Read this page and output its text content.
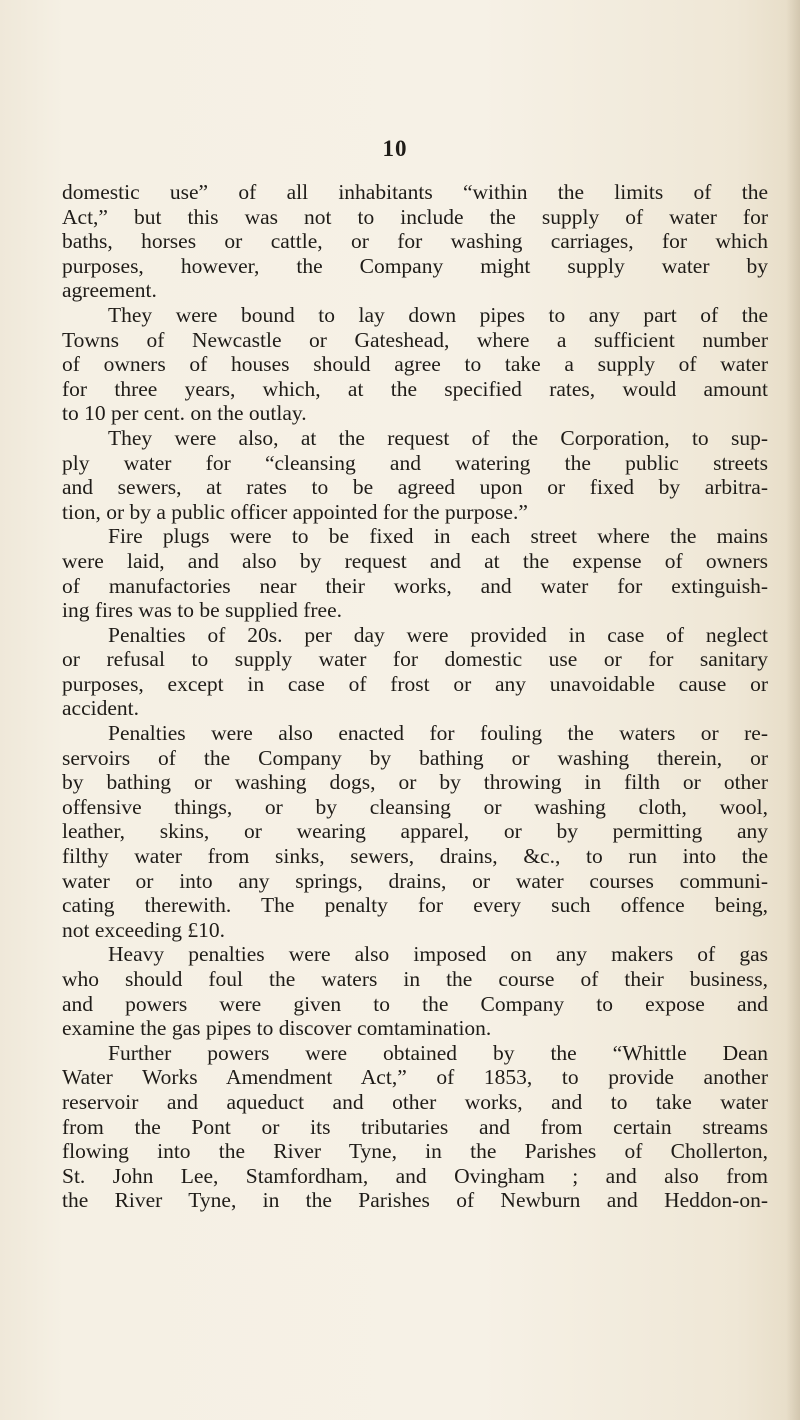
10

domestic use” of all inhabitants “within the limits of the
Act,” but this was not to include the supply of water for
baths, horses or cattle, or for washing carriages, for which
purposes, however, the Company might supply water by
agreement.

They were bound to lay down pipes to any part of the
Towns of Newcastle or Gateshead, where a sufficient number
of owners of houses should agree to take a supply of water
for three years, which, at the specified rates, would amount
to 10 per cent. on the outlay.

They were also, at the request of the Corporation, to sup-
ply water for “cleansing and watering the public streets
and sewers, at rates to be agreed upon or fixed by arbitra-
tion, or by a public officer appointed for the purpose.”

Fire plugs were to be fixed in each street where the mains
were laid, and also by request and at the expense of owners
of manufactories near their works, and water for extinguish-
ing fires was to be supplied free.

Penalties of 20s. per day were provided in case of neglect
or refusal to supply water for domestic use or for sanitary
purposes, except in case of frost or any unavoidable cause or
accident.

Penalties were also enacted for fouling the waters or re-
servoirs of the Company by bathing or washing therein, or
by bathing or washing dogs, or by throwing in filth or other
offensive things, or by cleansing or washing cloth, wool,
leather, skins, or wearing apparel, or by permitting any
filthy water from sinks, sewers, drains, &c., to run into the
water or into any springs, drains, or water courses communi-
cating therewith. The penalty for every such offence being,
not exceeding £10.

Heavy penalties were also imposed on any makers of gas
who should foul the waters in the course of their business,
and powers were given to the Company to expose and
examine the gas pipes to discover comtamination.

Further powers were obtained by the “Whittle Dean
Water Works Amendment Act,” of 1853, to provide another
reservoir and aqueduct and other works, and to take water
from the Pont or its tributaries and from certain streams
flowing into the River Tyne, in the Parishes of Chollerton,
St. John Lee, Stamfordham, and Ovingham ; and also from
the River Tyne, in the Parishes of Newburn and Heddon-on-
